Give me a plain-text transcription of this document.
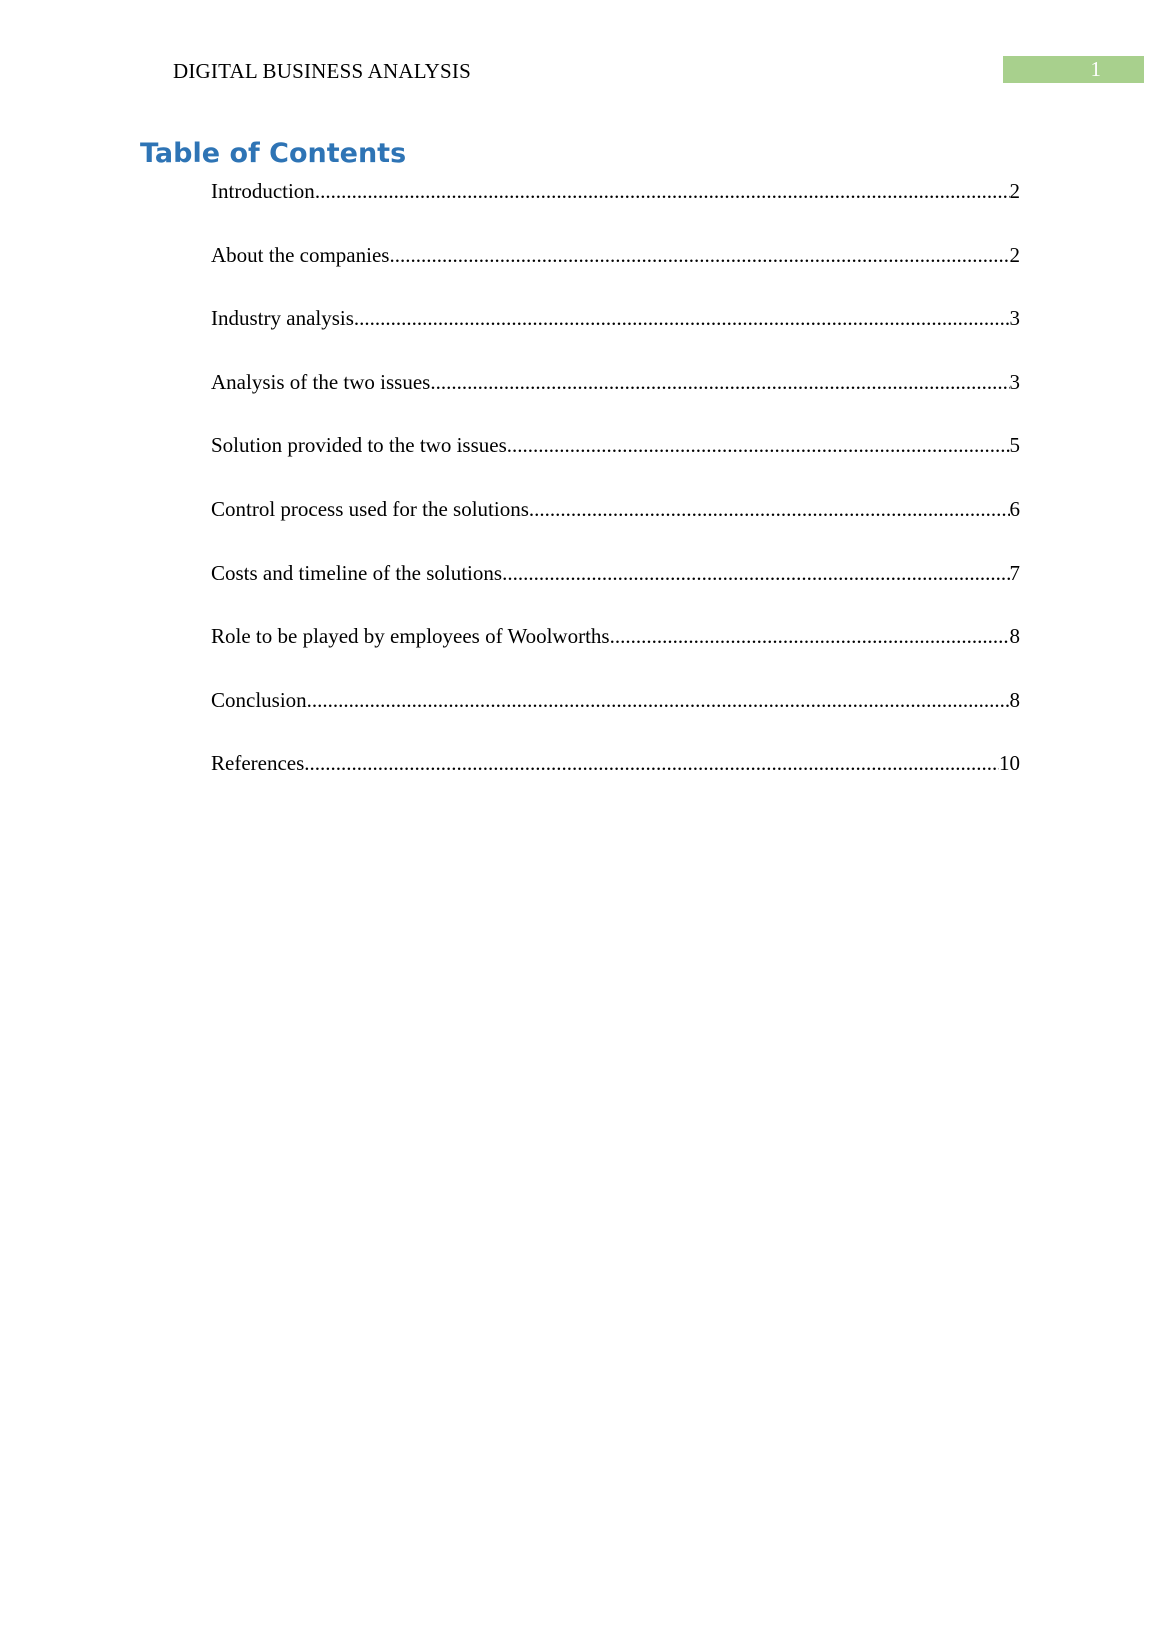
DIGITAL BUSINESS ANALYSIS	1
Table of Contents
Introduction .....	2
About the companies .....	2
Industry analysis .....	3
Analysis of the two issues .....	3
Solution provided to the two issues .....	5
Control process used for the solutions .....	6
Costs and timeline of the solutions .....	7
Role to be played by employees of Woolworths .....	8
Conclusion .....	8
References .....	10
